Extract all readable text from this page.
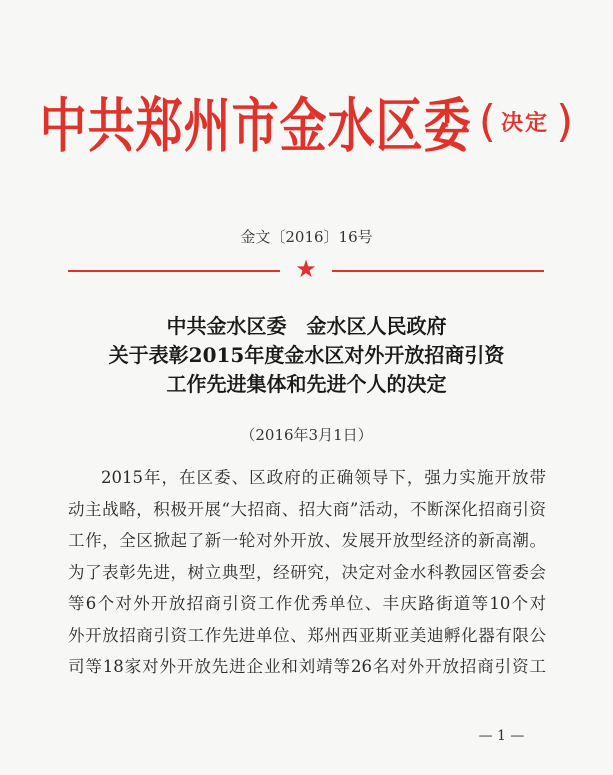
中共郑州市金水区委 ( 决定 )
金文〔2016〕16号
★
中共金水区委　金水区人民政府
关于表彰2015年度金水区对外开放招商引资
工作先进集体和先进个人的决定
（2016年3月1日）
2015年，在区委、区政府的正确领导下，强力实施开放带
动主战略，积极开展“大招商、招大商”活动，不断深化招商引资
工作，全区掀起了新一轮对外开放、发展开放型经济的新高潮。
为了表彰先进，树立典型，经研究，决定对金水科教园区管委会
等6个对外开放招商引资工作优秀单位、丰庆路街道等10个对
外开放招商引资工作先进单位、郑州西亚斯亚美迪孵化器有限公
司等18家对外开放先进企业和刘靖等26名对外开放招商引资工
— 1 —
